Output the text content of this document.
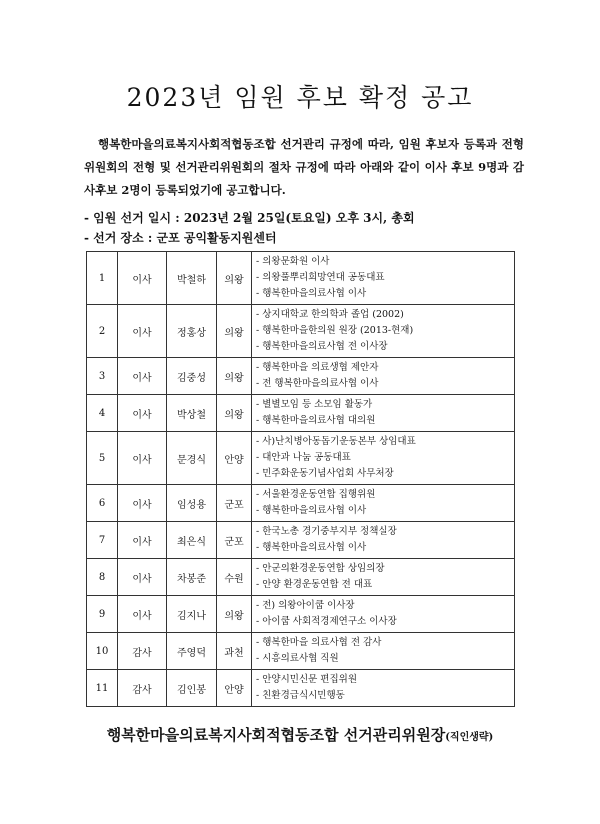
2023년 임원 후보 확정 공고
행복한마을의료복지사회적협동조합 선거관리 규정에 따라, 임원 후보자 등록과 전형위원회의 전형 및 선거관리위원회의 절차 규정에 따라 아래와 같이 이사 후보 9명과 감사후보 2명이 등록되었기에 공고합니다.
- 임원 선거 일시 : 2023년 2월 25일(토요일) 오후 3시, 총회
- 선거 장소 : 군포 공익활동지원센터
1	이사	박철하	의왕	- 의왕문화원 이사
- 의왕풀뿌리희망연대 공동대표
- 행복한마을의료사협 이사

2	이사	정홍상	의왕	- 상지대학교 한의학과 졸업 (2002)
- 행복한마을한의원 원장 (2013-현재)
- 행복한마을의료사협 전 이사장

3	이사	김중성	의왕	- 행복한마을 의료생협 제안자
- 전 행복한마을의료사협 이사

4	이사	박상철	의왕	- 별별모임 등 소모임 활동가
- 행복한마을의료사협 대의원

5	이사	문경식	안양	- 사)난치병아동돕기운동본부 상임대표
- 대안과 나눔 공동대표
- 민주화운동기념사업회 사무처장

6	이사	임성용	군포	- 서울환경운동연합 집행위원
- 행복한마을의료사협 이사

7	이사	최은식	군포	- 한국노총 경기중부지부 정책실장
- 행복한마을의료사협 이사

8	이사	차봉준	수원	- 안군의환경운동연합 상임의장
- 안양 환경운동연합 전 대표

9	이사	김지나	의왕	- 전) 의왕아이쿱 이사장
- 아이쿱 사회적경제연구소 이사장

10	감사	주영덕	과천	- 행복한마을 의료사협 전 감사
- 시흥의료사협 직원

11	감사	김인봉	안양	- 안양시민신문 편집위원
- 친환경급식시민행동
행복한마을의료복지사회적협동조합 선거관리위원장(직인생략)
